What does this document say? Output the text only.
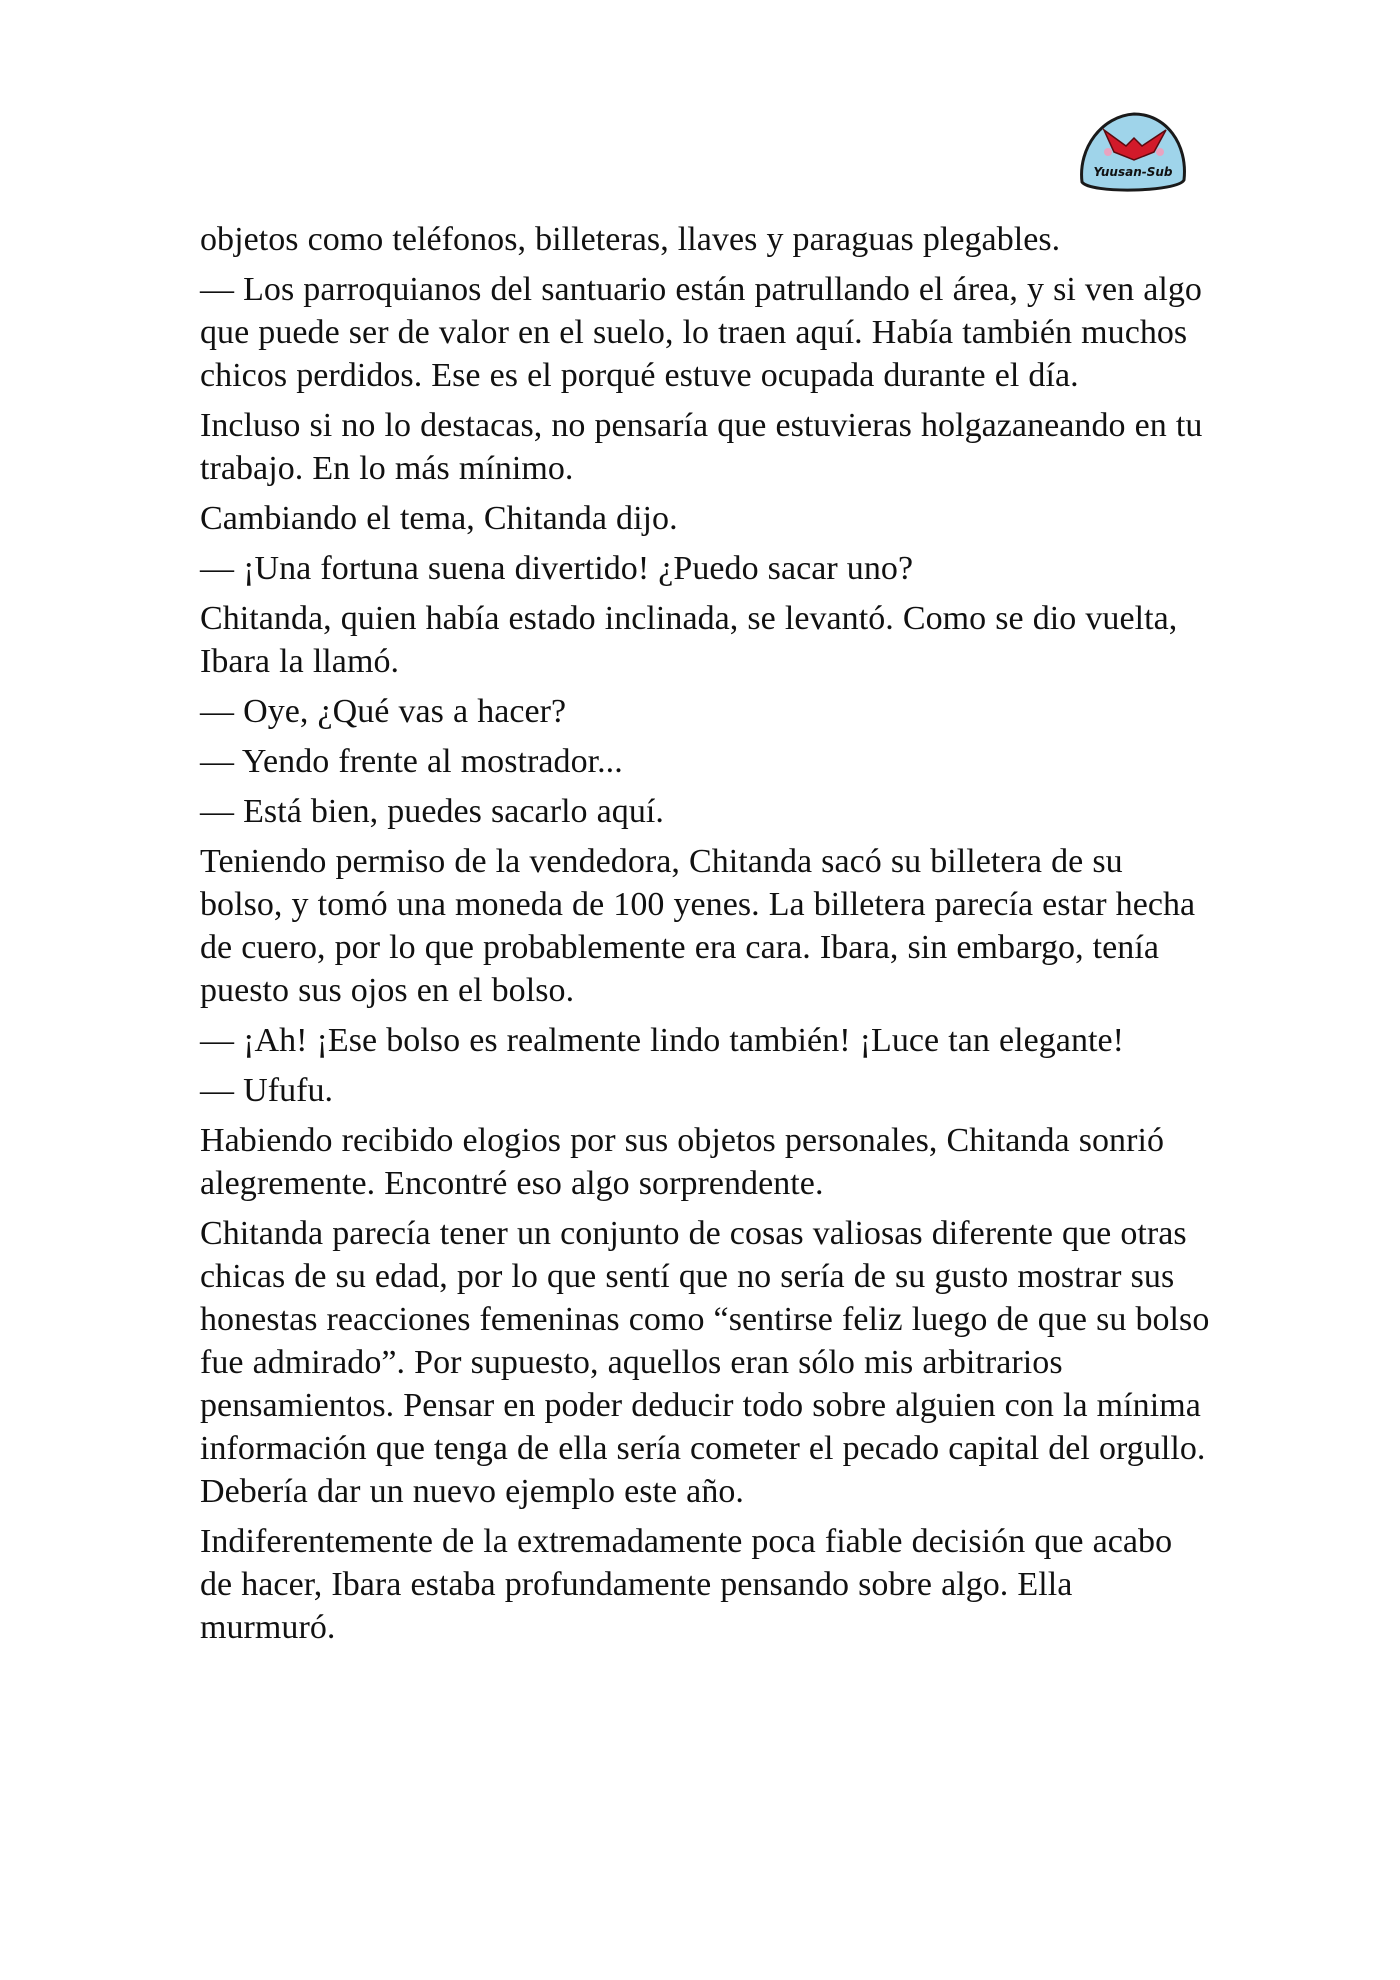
Yuusan-Sub

objetos como teléfonos, billeteras, llaves y paraguas plegables.

— Los parroquianos del santuario están patrullando el área, y si ven algo que puede ser de valor en el suelo, lo traen aquí. Había también muchos chicos perdidos. Ese es el porqué estuve ocupada durante el día.

Incluso si no lo destacas, no pensaría que estuvieras holgazaneando en tu trabajo. En lo más mínimo.

Cambiando el tema, Chitanda dijo.

— ¡Una fortuna suena divertido! ¿Puedo sacar uno?

Chitanda, quien había estado inclinada, se levantó. Como se dio vuelta, Ibara la llamó.

— Oye, ¿Qué vas a hacer?

— Yendo frente al mostrador...

— Está bien, puedes sacarlo aquí.

Teniendo permiso de la vendedora, Chitanda sacó su billetera de su bolso, y tomó una moneda de 100 yenes. La billetera parecía estar hecha de cuero, por lo que probablemente era cara. Ibara, sin embargo, tenía puesto sus ojos en el bolso.

— ¡Ah! ¡Ese bolso es realmente lindo también! ¡Luce tan elegante!

— Ufufu.

Habiendo recibido elogios por sus objetos personales, Chitanda sonrió alegremente. Encontré eso algo sorprendente.

Chitanda parecía tener un conjunto de cosas valiosas diferente que otras chicas de su edad, por lo que sentí que no sería de su gusto mostrar sus honestas reacciones femeninas como “sentirse feliz luego de que su bolso fue admirado”. Por supuesto, aquellos eran sólo mis arbitrarios pensamientos. Pensar en poder deducir todo sobre alguien con la mínima información que tenga de ella sería cometer el pecado capital del orgullo. Debería dar un nuevo ejemplo este año.

Indiferentemente de la extremadamente poca fiable decisión que acabo de hacer, Ibara estaba profundamente pensando sobre algo. Ella murmuró.
